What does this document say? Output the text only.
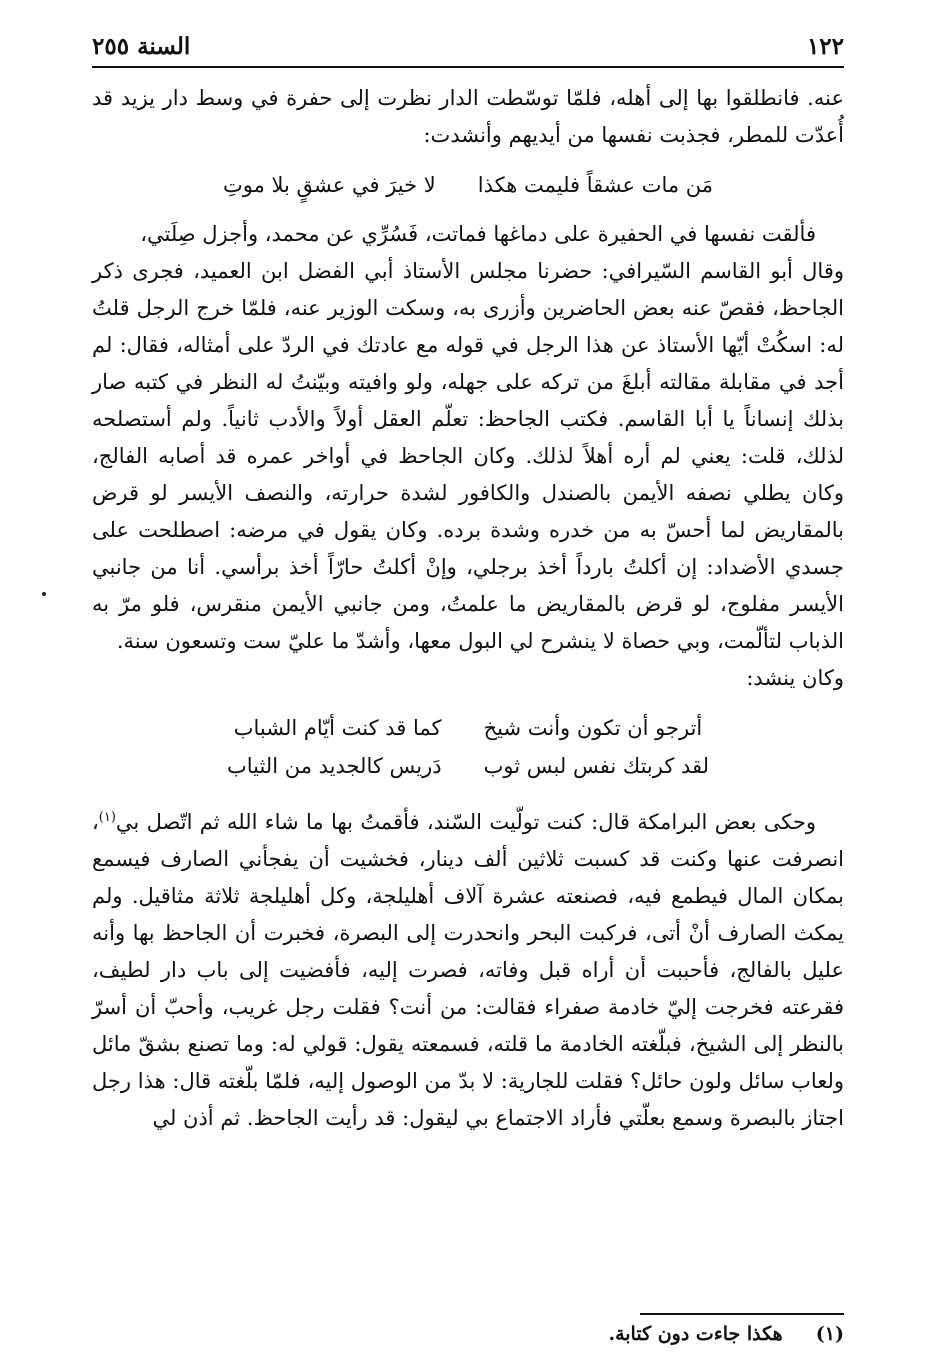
١٢٢
السنة ٢٥٥

عنه. فانطلقوا بها إلى أهله، فلمّا توسّطت الدار نظرت إلى حفرة في وسط دار يزيد قد أُعدّت للمطر، فجذبت نفسها من أيديهم وأنشدت:

مَن مات عشقاً فليمت هكذا
لا خيرَ في عشقٍ بلا موتِ

فألقت نفسها في الحفيرة على دماغها فماتت، فَسُرِّي عن محمد، وأجزل صِلَتي،

وقال أبو القاسم السّيرافي: حضرنا مجلس الأستاذ أبي الفضل ابن العميد، فجرى ذكر الجاحظ، فقصّ عنه بعض الحاضرين وأزرى به، وسكت الوزير عنه، فلمّا خرج الرجل قلتُ له: اسكُتْ أيّها الأستاذ عن هذا الرجل في قوله مع عادتك في الردّ على أمثاله، فقال: لم أجد في مقابلة مقالته أبلغَ من تركه على جهله، ولو وافيته وبيّنتُ له النظر في كتبه صار بذلك إنساناً يا أبا القاسم. فكتب الجاحظ: تعلّم العقل أولاً والأدب ثانياً. ولم أستصلحه لذلك، قلت: يعني لم أره أهلاً لذلك. وكان الجاحظ في أواخر عمره قد أصابه الفالج، وكان يطلي نصفه الأيمن بالصندل والكافور لشدة حرارته، والنصف الأيسر لو قرض بالمقاريض لما أحسّ به من خدره وشدة برده. وكان يقول في مرضه: اصطلحت على جسدي الأضداد: إن أكلتُ بارداً أخذ برجلي، وإنْ أكلتُ حارّاً أخذ برأسي. أنا من جانبي الأيسر مفلوج، لو قرض بالمقاريض ما علمتُ، ومن جانبي الأيمن منقرس، فلو مرّ به الذباب لتألّمت، وبي حصاة لا ينشرح لي البول معها، وأشدّ ما عليّ ست وتسعون سنة.

وكان ينشد:

أترجو أن تكون وأنت شيخ
كما قد كنت أيّام الشباب
لقد كربتك نفس لبس ثوب
دَريس كالجديد من الثياب

وحكى بعض البرامكة قال: كنت تولّيت السّند، فأقمتُ بها ما شاء الله ثم اتّصل بي$^{(١)}$، انصرفت عنها وكنت قد كسبت ثلاثين ألف دينار، فخشيت أن يفجأني الصارف فيسمع بمكان المال فيطمع فيه، فصنعته عشرة آلاف أهليلجة، وكل أهليلجة ثلاثة مثاقيل. ولم يمكث الصارف أنْ أتى، فركبت البحر وانحدرت إلى البصرة، فخبرت أن الجاحظ بها وأنه عليل بالفالج، فأحببت أن أراه قبل وفاته، فصرت إليه، فأفضيت إلى باب دار لطيف، فقرعته فخرجت إليّ خادمة صفراء فقالت: من أنت؟ فقلت رجل غريب، وأحبّ أن أسرّ بالنظر إلى الشيخ، فبلّغته الخادمة ما قلته، فسمعته يقول: قولي له: وما تصنع بشقّ مائل ولعاب سائل ولون حائل؟ فقلت للجارية: لا بدّ من الوصول إليه، فلمّا بلّغته قال: هذا رجل اجتاز بالبصرة وسمع بعلّتي فأراد الاجتماع بي ليقول: قد رأيت الجاحظ. ثم أذن لي

(١)     هكذا جاءت دون كتابة.
